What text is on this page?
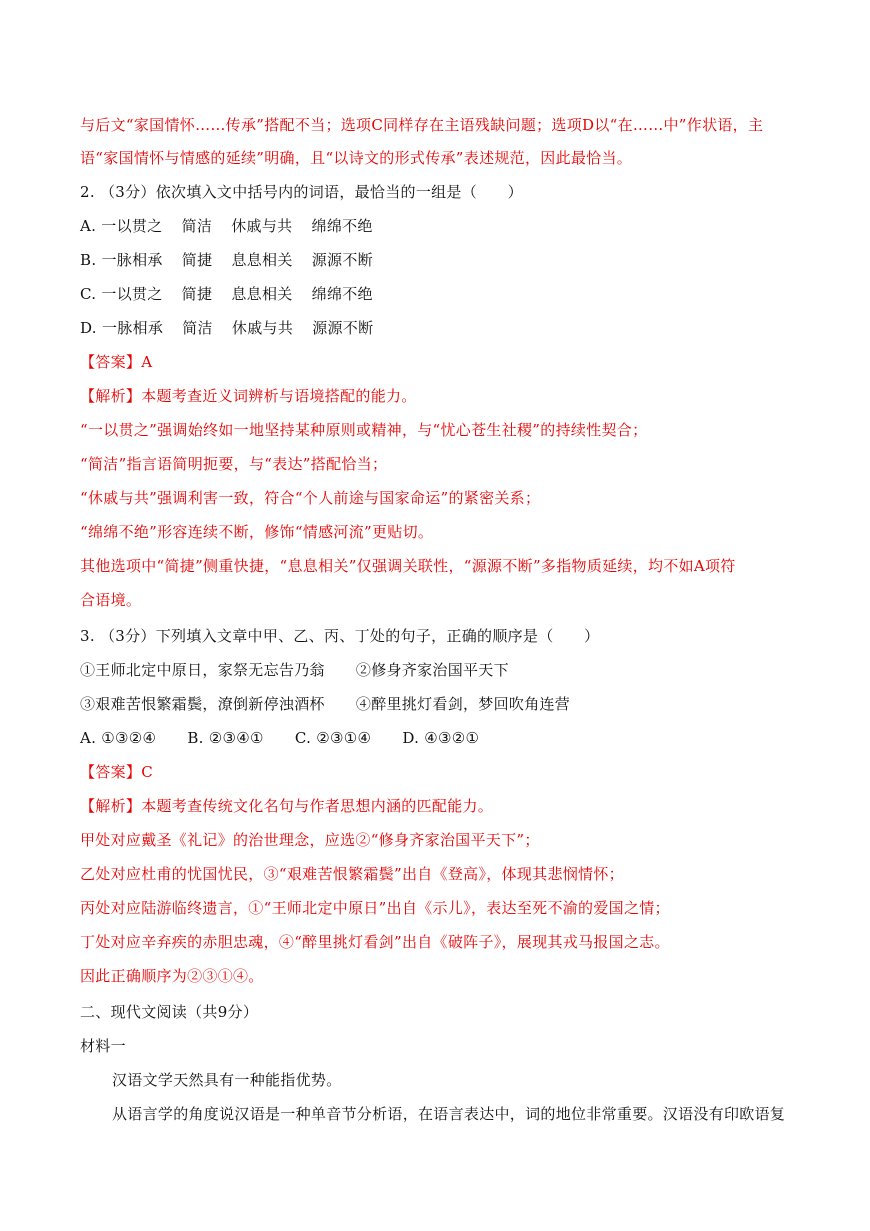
与后文“家国情怀……传承”搭配不当；选项C同样存在主语残缺问题；选项D以“在……中”作状语，主
语“家国情怀与情感的延续”明确，且“以诗文的形式传承”表述规范，因此最恰当。
2. （3分）依次填入文中括号内的词语，最恰当的一组是（　　）
A. 一以贯之 简洁 休戚与共 绵绵不绝
B. 一脉相承 简捷 息息相关 源源不断
C. 一以贯之 简捷 息息相关 绵绵不绝
D. 一脉相承 简洁 休戚与共 源源不断
【答案】A
【解析】本题考查近义词辨析与语境搭配的能力。
“一以贯之”强调始终如一地坚持某种原则或精神，与“忧心苍生社稷”的持续性契合；
“简洁”指言语简明扼要，与“表达”搭配恰当；
“休戚与共”强调利害一致，符合“个人前途与国家命运”的紧密关系；
“绵绵不绝”形容连续不断，修饰“情感河流”更贴切。
其他选项中“简捷”侧重快捷，“息息相关”仅强调关联性，“源源不断”多指物质延续，均不如A项符
合语境。
3. （3分）下列填入文章中甲、乙、丙、丁处的句子，正确的顺序是（　　）
①王师北定中原日，家祭无忘告乃翁 ②修身齐家治国平天下
③艰难苦恨繁霜鬓，潦倒新停浊酒杯 ④醉里挑灯看剑，梦回吹角连营
A. ①③②④ B. ②③④① C. ②③①④ D. ④③②①
【答案】C
【解析】本题考查传统文化名句与作者思想内涵的匹配能力。
甲处对应戴圣《礼记》的治世理念，应选②“修身齐家治国平天下”；
乙处对应杜甫的忧国忧民，③“艰难苦恨繁霜鬓”出自《登高》，体现其悲悯情怀；
丙处对应陆游临终遗言，①“王师北定中原日”出自《示儿》，表达至死不渝的爱国之情；
丁处对应辛弃疾的赤胆忠魂，④“醉里挑灯看剑”出自《破阵子》，展现其戎马报国之志。
因此正确顺序为②③①④。
二、现代文阅读（共9分）
材料一
汉语文学天然具有一种能指优势。
从语言学的角度说汉语是一种单音节分析语，在语言表达中，词的地位非常重要。汉语没有印欧语复
